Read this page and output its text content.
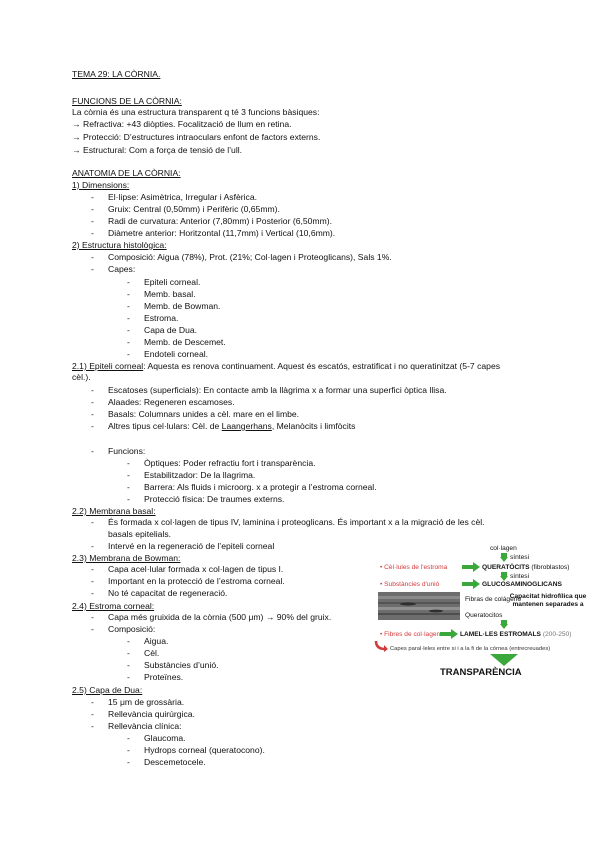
TEMA 29: LA CÒRNIA.
FUNCIONS DE LA CÒRNIA:
La còrnia és una estructura transparent q té 3 funcions bàsiques:
→ Refractiva: +43 diòpties. Focalització de llum en retina.
→ Protecció: D’estructures intraoculars enfont de factors externs.
→ Estructural: Com a força de tensió de l’ull.
ANATOMIA DE LA CÒRNIA:
1) Dimensions:
- El·lipse: Asimètrica, Irregular i Asfèrica.
- Gruix: Central (0,50mm) i Perifèric (0,65mm).
- Radi de curvatura: Anterior (7,80mm) i Posterior (6,50mm).
- Diàmetre anterior: Horitzontal (11,7mm) i Vertical (10,6mm).
2) Estructura histològica:
- Composició: Aigua (78%), Prot. (21%; Col·lagen i Proteoglicans), Sals 1%.
- Capes:
- Epiteli corneal.
- Memb. basal.
- Memb. de Bowman.
- Estroma.
- Capa de Dua.
- Memb. de Descemet.
- Endoteli corneal.
2.1) Epiteli corneal: Aquesta es renova continuament. Aquest és escatós, estratificat i no queratinitzat (5-7 capes
cèl.).
- Escatoses (superficials): En contacte amb la llàgrima x a formar una superfici òptica llisa.
- Alaades: Regeneren escamoses.
- Basals: Columnars unides a cèl. mare en el limbe.
- Altres tipus cel·lulars: Cèl. de Laangerhans, Melanòcits i limfòcits
- Funcions:
- Òptiques: Poder refractiu fort i transparència.
- Estabilitzador: De la llagrima.
- Barrera: Als fluids i microorg. x a protegir a l’estroma corneal.
- Protecció física: De traumes externs.
2.2) Membrana basal:
- És formada x col·lagen de tipus IV, laminina i proteoglicans. És important x a la migració de les cèl.
basals epitelials.
- Intervé en la regeneració de l’epiteli corneal
2.3) Membrana de Bowman:
- Capa acel·lular formada x col·lagen de tipus I.
- Important en la protecció de l’estroma corneal.
- No té capacitat de regeneració.
2.4) Estroma corneal:
- Capa més gruixida de la còrnia (500 μm) → 90% del gruix.
- Composició:
- Aigua.
- Cèl.
- Substàncies d’unió.
- Proteïnes.
2.5) Capa de Dua:
- 15 μm de grossària.
- Rellevància quirúrgica.
- Rellevància clínica:
- Glaucoma.
- Hydrops corneal (queratocono).
- Descemetocele.
col·lagen
síntesi
• Cèl·lules de l'estroma	QUERATÒCITS (fibroblastos)
síntesi
• Substàncies d'unió	GLUCOSAMINOGLICANS
Fibras de colágeno
Queratocitos
Capacitat hidrofílica que mantenen separades a
• Fibres de col·lagen	LAMEL·LES ESTROMALS (200-250)
Capes paral·leles entre si i a la fi de la córnea (entrecreuades)
TRANSPARÈNCIA
